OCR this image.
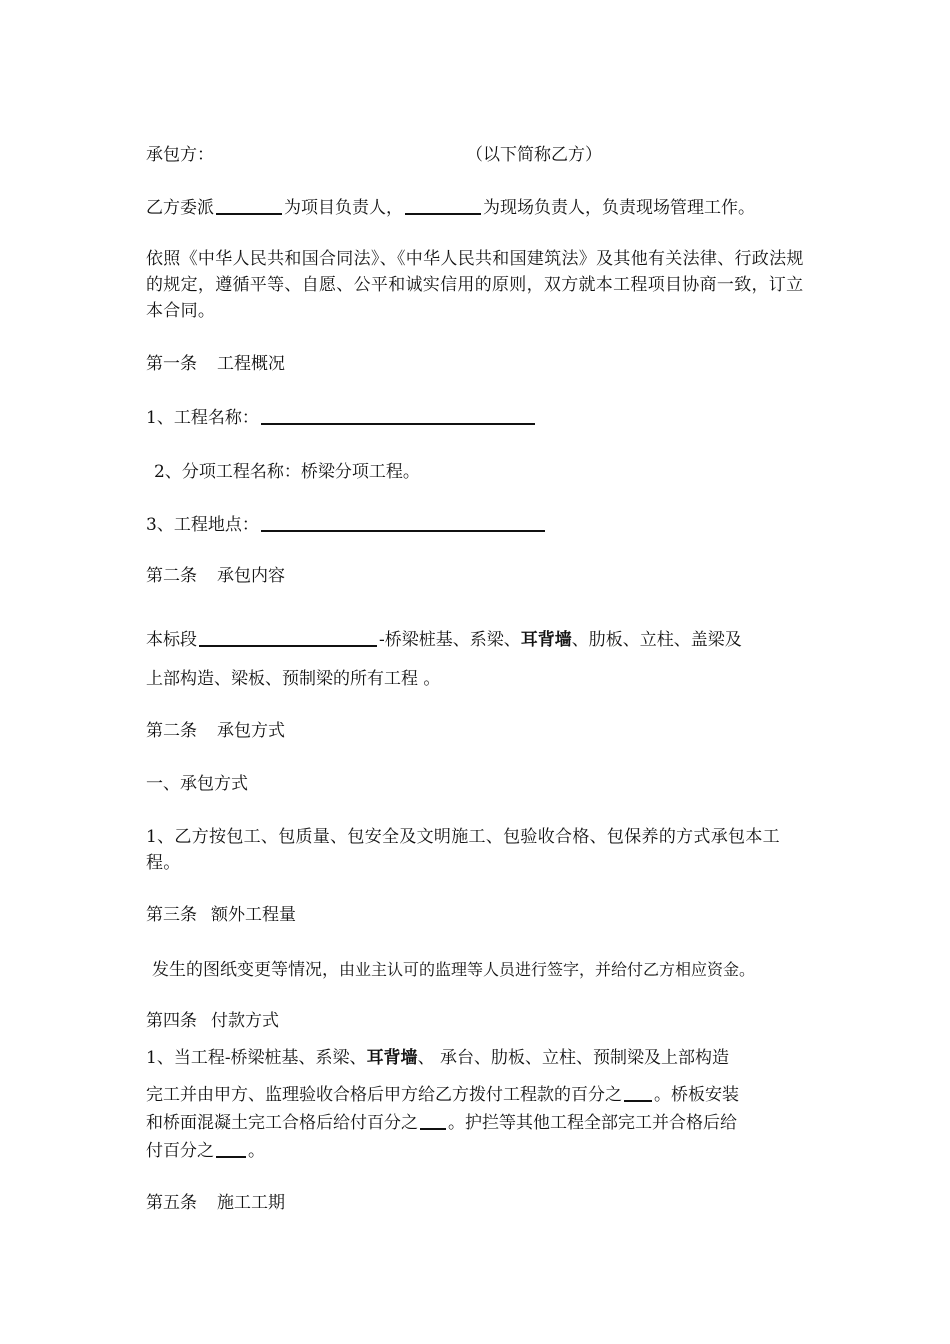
承包方：	（以下简称乙方）
乙方委派	为项目负责人，	为现场负责人，负责现场管理工作。
依照《中华人民共和国合同法》、《中华人民共和国建筑法》及其他有关法律、行政法规的规定，遵循平等、自愿、公平和诚实信用的原则，双方就本工程项目协商一致，订立本合同。
第一条 工程概况
1、工程名称：
2、分项工程名称：桥梁分项工程。
3、工程地点：
第二条 承包内容
本标段	-桥梁桩基、系梁、耳背墙、肋板、立柱、盖梁及
上部构造、梁板、预制梁的所有工程 。
第二条 承包方式
一、承包方式
1、乙方按包工、包质量、包安全及文明施工、包验收合格、包保养的方式承包本工程。
第三条 额外工程量
发生的图纸变更等情况，由业主认可的监理等人员进行签字，并给付乙方相应资金。
第四条 付款方式
1、当工程-桥梁桩基、系梁、耳背墙、 承台、肋板、立柱、预制梁及上部构造
完工并由甲方、监理验收合格后甲方给乙方拨付工程款的百分之 。桥板安装
和桥面混凝土完工合格后给付百分之 。护拦等其他工程全部完工并合格后给
付百分之 。
第五条 施工工期
